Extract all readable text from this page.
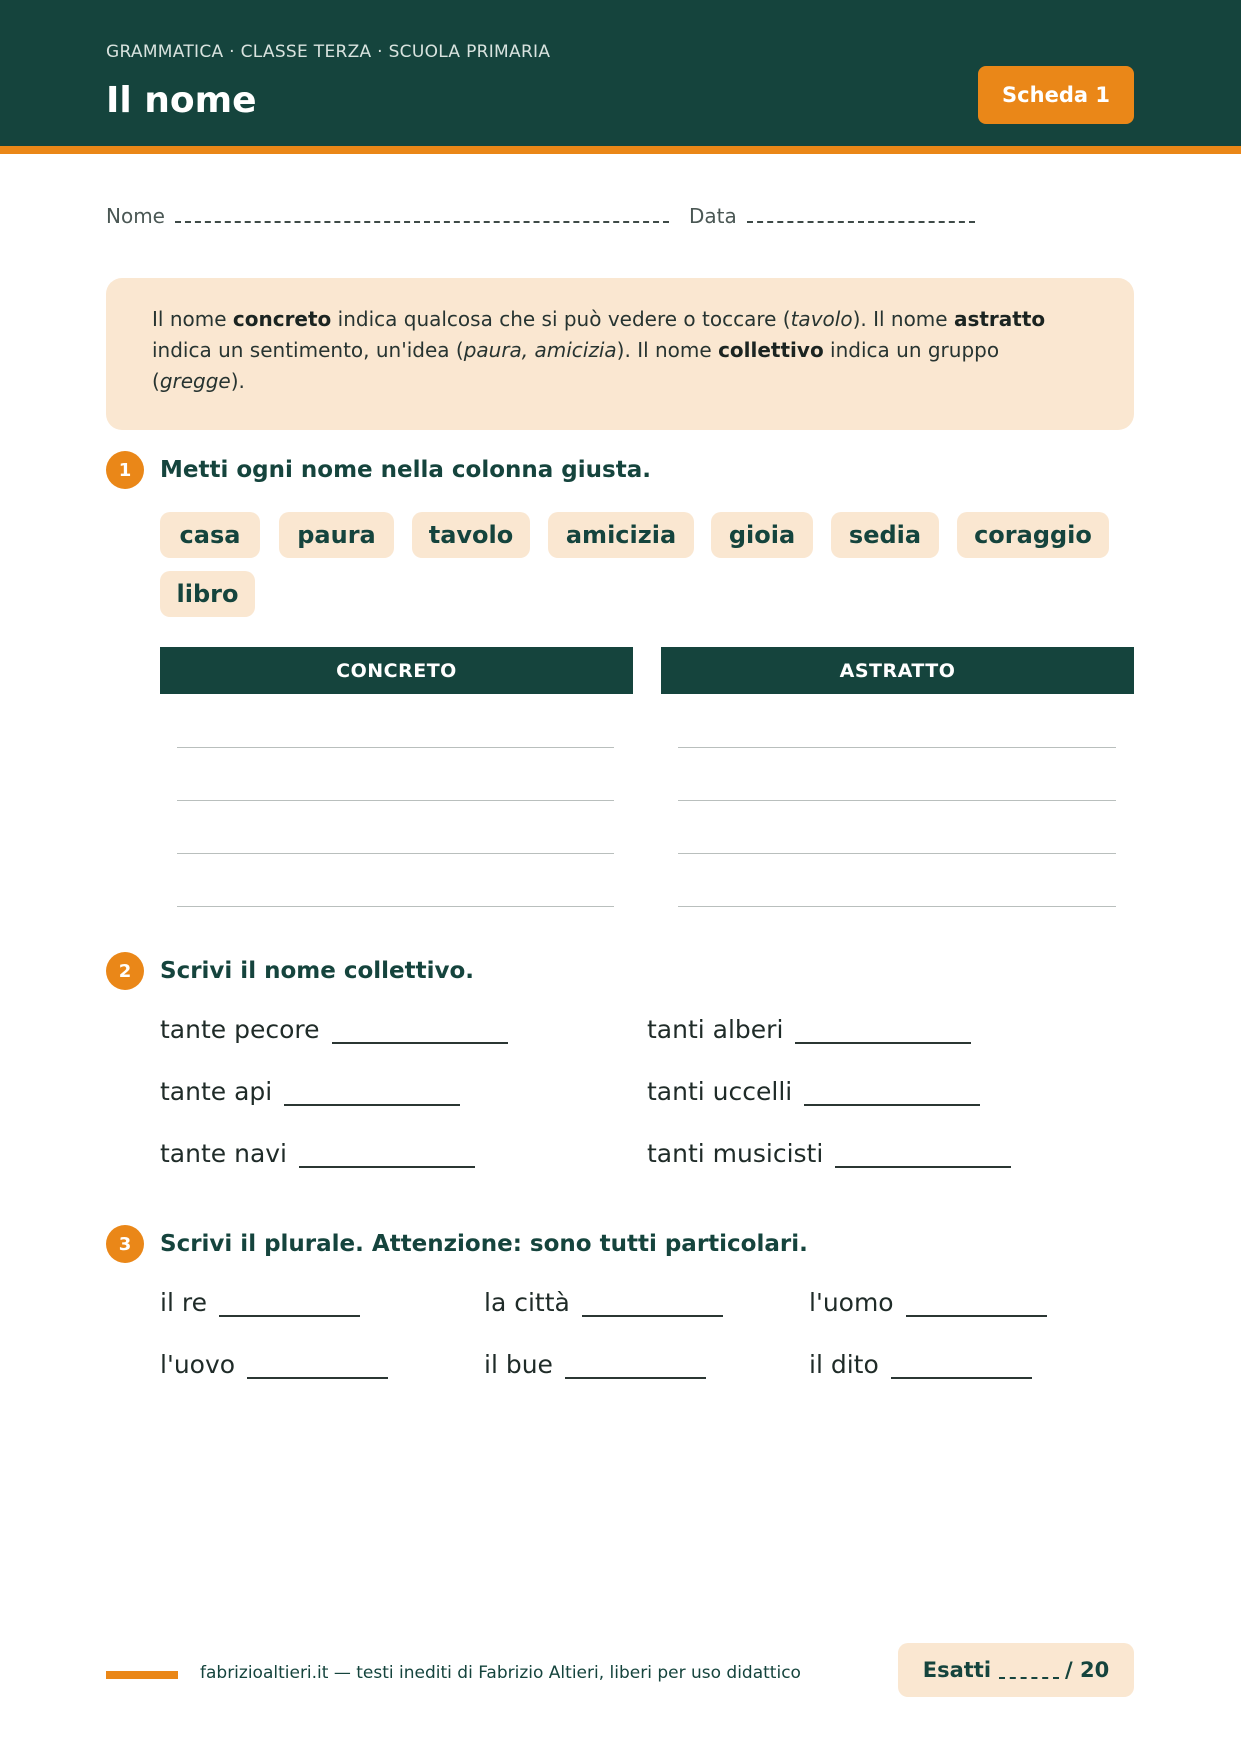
GRAMMATICA · CLASSE TERZA · SCUOLA PRIMARIA
Il nome	Scheda 1
Nome	Data
Il nome concreto indica qualcosa che si può vedere o toccare (tavolo). Il nome astratto indica un sentimento, un'idea (paura, amicizia). Il nome collettivo indica un gruppo (gregge).
1	Metti ogni nome nella colonna giusta.
casa	paura	tavolo	amicizia	gioia	sedia	coraggio
libro
CONCRETO	ASTRATTO
2	Scrivi il nome collettivo.
tante pecore	tanti alberi
tante api	tanti uccelli
tante navi	tanti musicisti
3	Scrivi il plurale. Attenzione: sono tutti particolari.
il re	la città	l'uomo
l'uovo	il bue	il dito
fabrizioaltieri.it — testi inediti di Fabrizio Altieri, liberi per uso didattico	Esatti	/ 20
